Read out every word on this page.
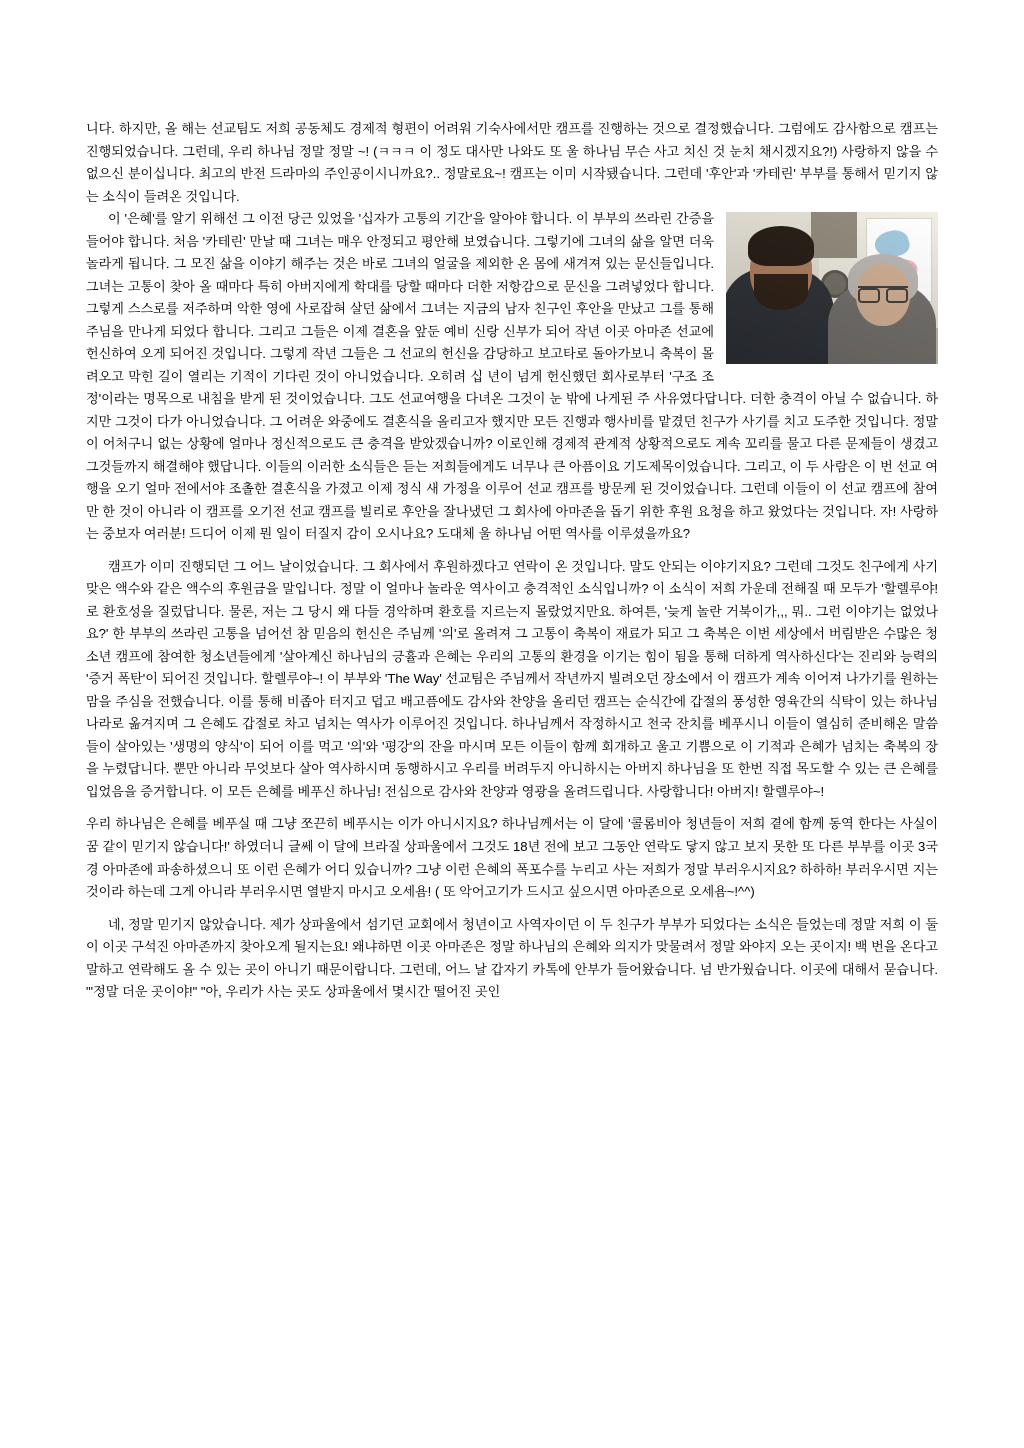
니다. 하지만, 올 해는 선교팀도 저희 공동체도 경제적 형편이 어려워 기숙사에서만 캠프를 진행하는 것으로 결정했습니다. 그럼에도 감사함으로 캠프는 진행되었습니다. 그런데, 우리 하나님 정말 정말 ~! (ㅋㅋㅋ 이 정도 대사만 나와도 또 울 하나님 무슨 사고 치신 것 눈치 채시겠지요?!) 사랑하지 않을 수 없으신 분이십니다. 최고의 반전 드라마의 주인공이시니까요?.. 정말로요~! 캠프는 이미 시작됐습니다. 그런데 '후안'과 '카테린' 부부를 통해서 믿기지 않는 소식이 들려온 것입니다.

이 '은혜'를 알기 위해선 그 이전 당근 있었을 '십자가 고통의 기간'을 알아야 합니다. 이 부부의 쓰라린 간증을 들어야 합니다. 처음 '카테린' 만날 때 그녀는 매우 안정되고 평안해 보였습니다. 그렇기에 그녀의 삶을 알면 더욱 놀라게 됩니다. 그 모진 삶을 이야기 해주는 것은 바로 그녀의 얼굴을 제외한 온 몸에 새겨져 있는 문신들입니다. 그녀는 고통이 찾아 올 때마다 특히 아버지에게 학대를 당할 때마다 더한 저항감으로 문신을 그려넣었다 합니다. 그렇게 스스로를 저주하며 악한 영에 사로잡혀 살던 삶에서 그녀는 지금의 남자 친구인 후안을 만났고 그를 통해 주님을 만나게 되었다 합니다. 그리고 그들은 이제 결혼을 앞둔 예비 신랑 신부가 되어 작년 이곳 아마존 선교에 헌신하여 오게 되어진 것입니다. 그렇게 작년 그들은 그 선교의 헌신을 감당하고 보고타로 돌아가보니 축복이 몰려오고 막힌 길이 열리는 기적이 기다린 것이 아니었습니다. 오히려 십 년이 넘게 헌신했던 회사로부터 '구조 조정'이라는 명목으로 내침을 받게 된 것이었습니다. 그도 선교여행을 다녀온 그것이 눈 밖에 나게된 주 사유였다답니다. 더한 충격이 아닐 수 없습니다. 하지만 그것이 다가 아니었습니다. 그 어려운 와중에도 결혼식을 올리고자 했지만 모든 진행과 행사비를 맡겼던 친구가 사기를 치고 도주한 것입니다. 정말 이 어처구니 없는 상황에 얼마나 정신적으로도 큰 충격을 받았겠습니까? 이로인해 경제적 관계적 상황적으로도 계속 꼬리를 물고 다른 문제들이 생겼고 그것들까지 해결해야 했답니다. 이들의 이러한 소식들은 듣는 저희들에게도 너무나 큰 아픔이요 기도제목이었습니다. 그리고, 이 두 사람은 이 번 선교 여행을 오기 얼마 전에서야 조촐한 결혼식을 가졌고 이제 정식 새 가정을 이루어 선교 캠프를 방문케 된 것이었습니다. 그런데 이들이 이 선교 캠프에 참여만 한 것이 아니라 이 캠프를 오기전 선교 캠프를 빌리로 후안을 잘나냈던 그 회사에 아마존을 돕기 위한 후원 요청을 하고 왔었다는 것입니다. 자! 사랑하는 중보자 여러분! 드디어 이제 뭔 일이 터질지 감이 오시나요? 도대체 울 하나님 어떤 역사를 이루셨을까요?

캠프가 이미 진행되던 그 어느 날이었습니다. 그 회사에서 후원하겠다고 연락이 온 것입니다. 말도 안되는 이야기지요? 그런데 그것도 친구에게 사기 맞은 액수와 같은 액수의 후원금을 말입니다. 정말 이 얼마나 놀라운 역사이고 충격적인 소식입니까? 이 소식이 저희 가운데 전해질 때 모두가 '할렐루야!로 환호성을 질렀답니다. 물론, 저는 그 당시 왜 다들 경악하며 환호를 지르는지 몰랐었지만요. 하여튼, '늦게 놀란 거북이가,,, 뭐.. 그런 이야기는 없었나요?' 한 부부의 쓰라린 고통을 넘어선 참 믿음의 헌신은 주님께 '의'로 올려져 그 고통이 축복이 재료가 되고 그 축복은 이번 세상에서 버림받은 수많은 청소년 캠프에 참여한 청소년들에게 '살아계신 하나님의 긍휼과 은혜는 우리의 고통의 환경을 이기는 힘이 됨을 통해 더하게 역사하신다'는 진리와 능력의 '증거 폭탄'이 되어진 것입니다. 할렐루야~! 이 부부와 'The Way' 선교팀은 주님께서 작년까지 빌려오던 장소에서 이 캠프가 계속 이어져 나가기를 원하는 맘을 주심을 전했습니다. 이를 통해 비좁아 터지고 덥고 배고픔에도 감사와 찬양을 올리던 캠프는 순식간에 갑절의 풍성한 영육간의 식탁이 있는 하나님 나라로 옮겨지며 그 은혜도 갑절로 차고 넘치는 역사가 이루어진 것입니다. 하나님께서 작정하시고 천국 잔치를 베푸시니 이들이 열심히 준비해온 말씀들이 살아있는 '생명의 양식'이 되어 이를 먹고 '의'와 '평강'의 잔을 마시며 모든 이들이 함께 회개하고 울고 기쁨으로 이 기적과 은혜가 넘치는 축복의 장을 누렸답니다. 뿐만 아니라 무엇보다 살아 역사하시며 동행하시고 우리를 버려두지 아니하시는 아버지 하나님을 또 한번 직접 목도할 수 있는 큰 은혜를 입었음을 증거합니다. 이 모든 은혜를 베푸신 하나님! 전심으로 감사와 찬양과 영광을 올려드립니다. 사랑합니다! 아버지! 할렐루야~!

우리 하나님은 은혜를 베푸실 때 그냥 쪼끈히 베푸시는 이가 아니시지요? 하나님께서는 이 달에 '콜롬비아 청년들이 저희 곁에 함께 동역 한다는 사실이 꿈 같이 믿기지 않습니다!' 하였더니 글쎄 이 달에 브라질 상파울에서 그것도 18년 전에 보고 그동안 연락도 닿지 않고 보지 못한 또 다른 부부를 이곳 3국경 아마존에 파송하셨으니 또 이런 은혜가 어디 있습니까? 그냥 이런 은혜의 폭포수를 누리고 사는 저희가 정말 부러우시지요? 하하하! 부러우시면 지는 것이라 하는데 그게 아니라 부러우시면 열받지 마시고 오세욤! ( 또 악어고기가 드시고 싶으시면 아마존으로 오세욤~!^^)

네, 정말 믿기지 않았습니다. 제가 상파울에서 섬기던 교회에서 청년이고 사역자이던 이 두 친구가 부부가 되었다는 소식은 들었는데 정말 저희 이 둘이 이곳 구석진 아마존까지 찾아오게 될지는요! 왜냐하면 이곳 아마존은 정말 하나님의 은혜와 의지가 맞물려서 정말 와야지 오는 곳이지! 백 번을 온다고 말하고 연락해도 올 수 있는 곳이 아니기 때문이랍니다. 그런데, 어느 날 갑자기 카톡에 안부가 들어왔습니다. 넘 반가웠습니다. 이곳에 대해서 묻습니다. "'정말 더운 곳이야!" "아, 우리가 사는 곳도 상파울에서 몇시간 떨어진 곳인
